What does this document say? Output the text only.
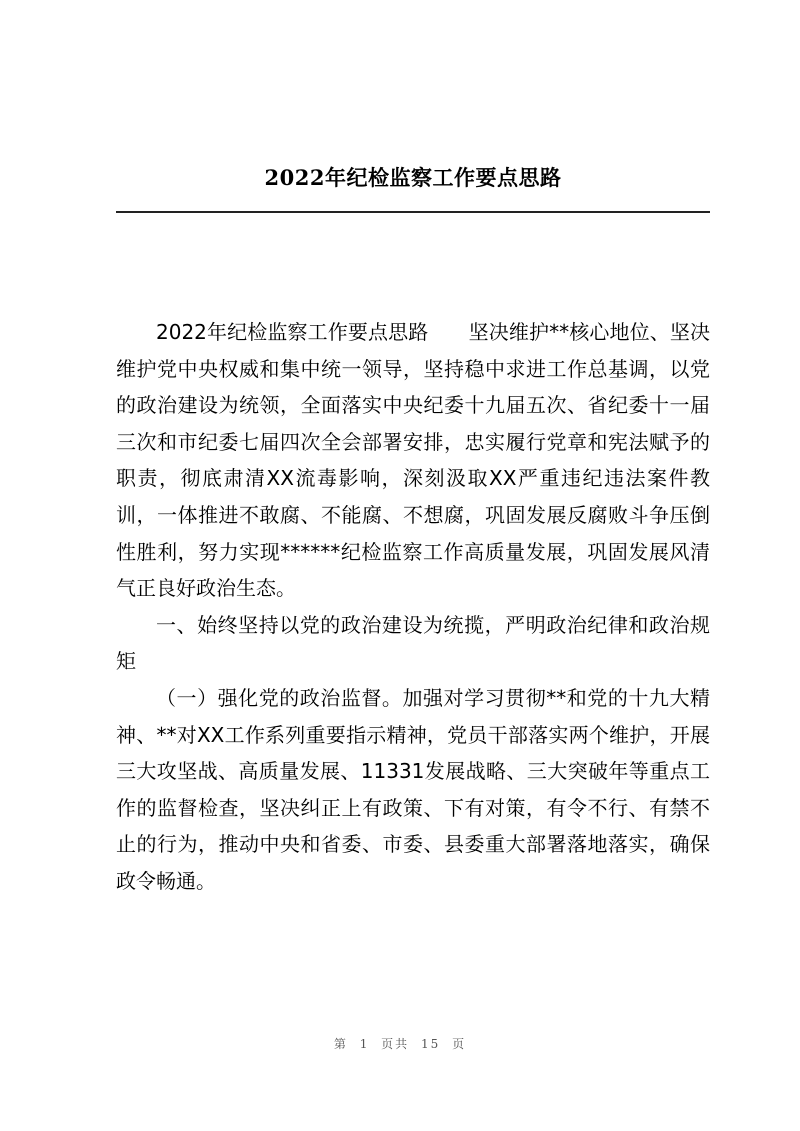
2022年纪检监察工作要点思路

2022年纪检监察工作要点思路　　坚决维护**核心地位、坚决维护党中央权威和集中统一领导，坚持稳中求进工作总基调，以党的政治建设为统领，全面落实中央纪委十九届五次、省纪委十一届三次和市纪委七届四次全会部署安排，忠实履行党章和宪法赋予的职责，彻底肃清XX流毒影响，深刻汲取XX严重违纪违法案件教训，一体推进不敢腐、不能腐、不想腐，巩固发展反腐败斗争压倒性胜利，努力实现******纪检监察工作高质量发展，巩固发展风清气正良好政治生态。

一、始终坚持以党的政治建设为统揽，严明政治纪律和政治规矩

（一）强化党的政治监督。加强对学习贯彻**和党的十九大精神、**对XX工作系列重要指示精神，党员干部落实两个维护，开展三大攻坚战、高质量发展、11331发展战略、三大突破年等重点工作的监督检查，坚决纠正上有政策、下有对策，有令不行、有禁不止的行为，推动中央和省委、市委、县委重大部署落地落实，确保政令畅通。

第 1 页共 15 页
